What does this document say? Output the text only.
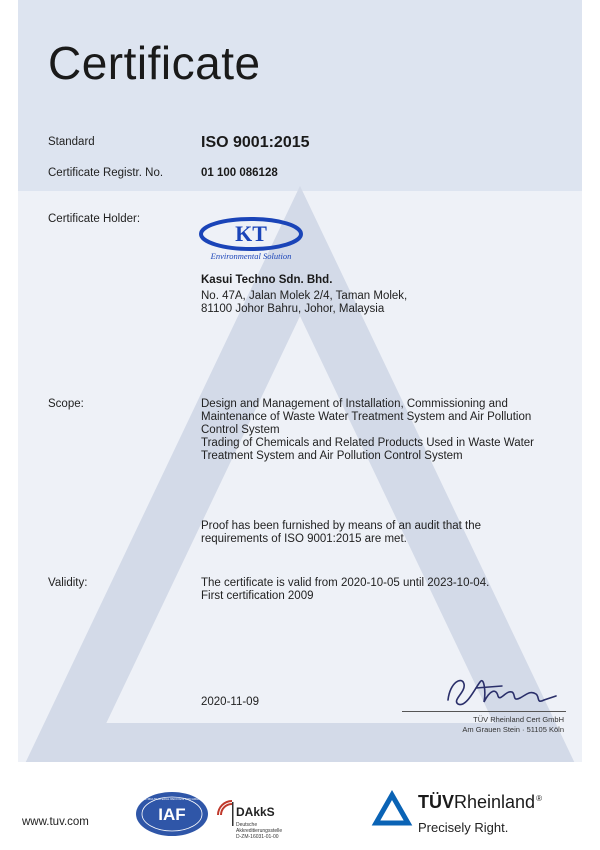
Certificate
Standard	ISO 9001:2015
Certificate Registr. No.	01 100 086128
Certificate Holder:
KT
Environmental Solution
Kasui Techno Sdn. Bhd.
No. 47A, Jalan Molek 2/4, Taman Molek,
81100 Johor Bahru, Johor, Malaysia
Scope:	Design and Management of Installation, Commissioning and
Maintenance of Waste Water Treatment System and Air Pollution
Control System
Trading of Chemicals and Related Products Used in Waste Water
Treatment System and Air Pollution Control System
Proof has been furnished by means of an audit that the
requirements of ISO 9001:2015 are met.
Validity:	The certificate is valid from 2020-10-05 until 2023-10-04.
First certification 2009
2020-11-09
TÜV Rheinland Cert GmbH
Am Grauen Stein · 51105 Köln
www.tuv.com	IAF
MEMBER OF MULTILATERAL RECOGNITION ARRANGEMENT
DAkkS
Deutsche
Akkreditierungsstelle
D-ZM-16031-01-00
TÜVRheinland®
Precisely Right.
